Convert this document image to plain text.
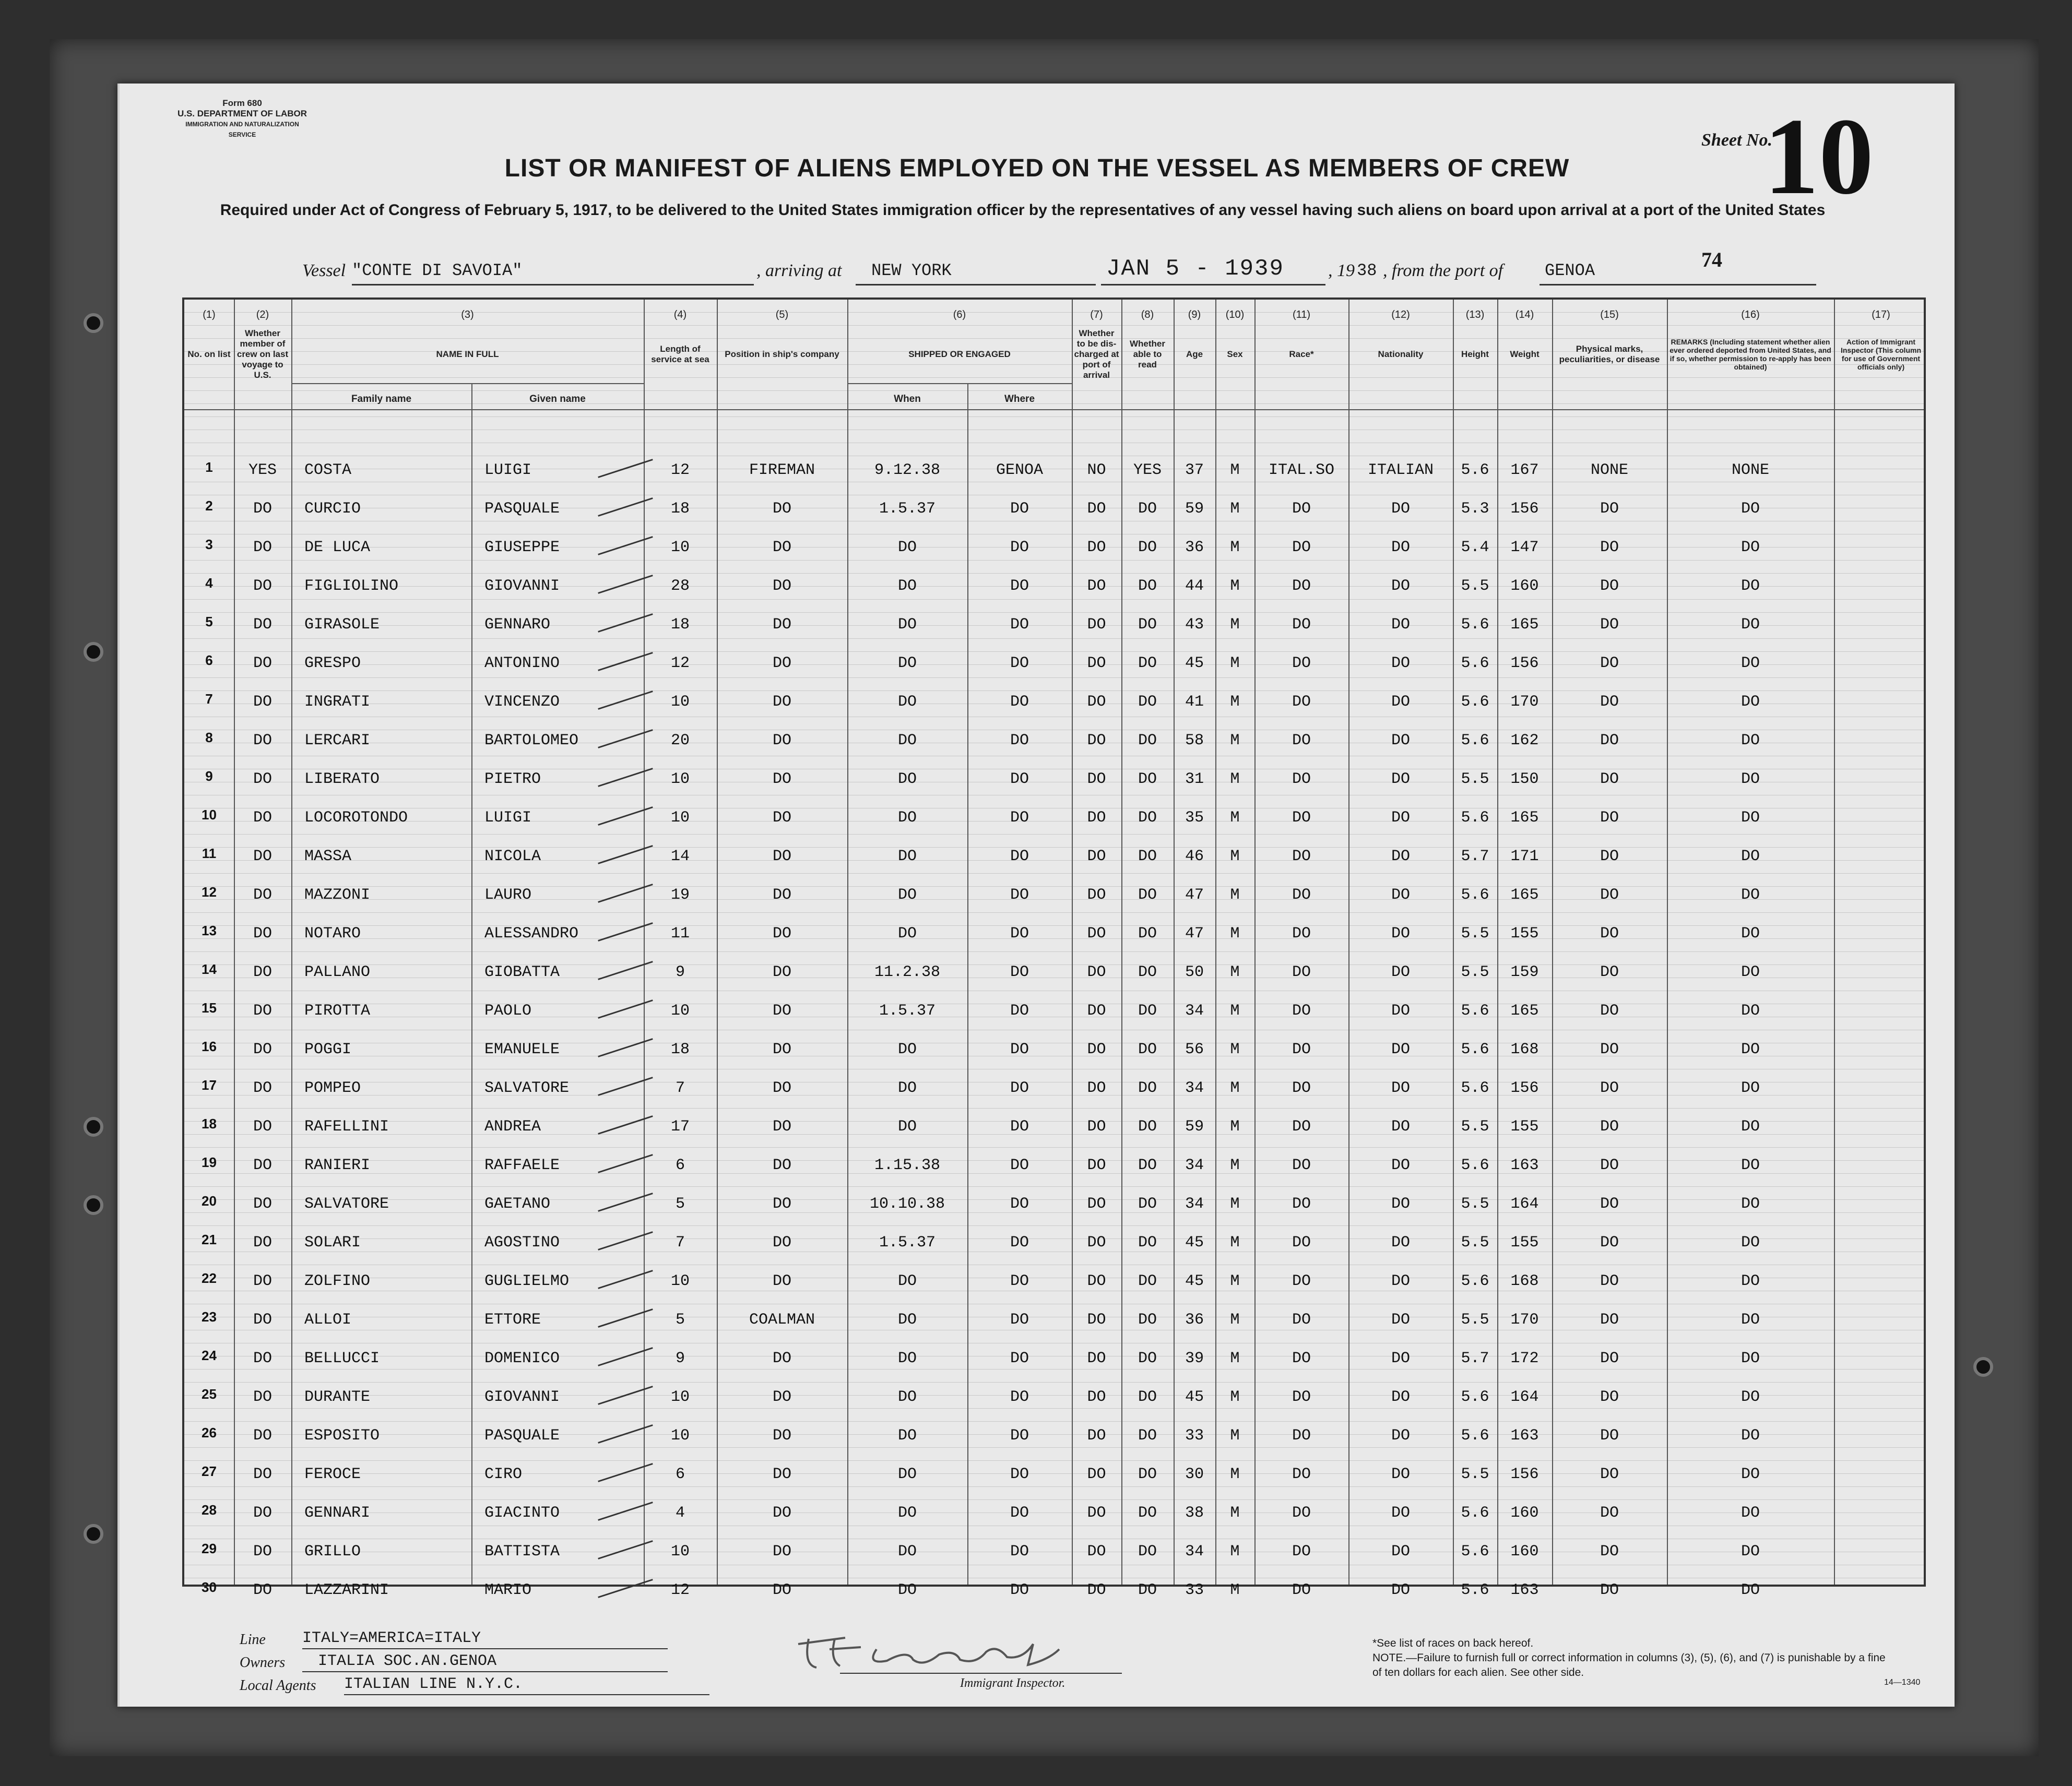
Form 680
U.S. DEPARTMENT OF LABOR
IMMIGRATION AND NATURALIZATION SERVICE	Sheet No.
10
LIST OR MANIFEST OF ALIENS EMPLOYED ON THE VESSEL AS MEMBERS OF CREW
Required under Act of Congress of February 5, 1917, to be delivered to the United States immigration officer by the representatives of any vessel having such aliens on board upon arrival at a port of the United States
Vessel "CONTE DI SAVOIA"	, arriving at NEW YORK	JAN 5 - 1939 , 19 38 , from the port of GENOA	74
(1)
No. on list
(2)
Whether member of crew on last voyage to U.S.
(3)
NAME IN FULL
(4)
Length of service at sea
(5)
Position in ship's company
(6)
SHIPPED OR ENGAGED
(7)
Whether to be dis-charged at port of arrival
(8)
Whether able to read
(9)
Age
(10)
Sex
(11)
Race*
(12)
Nationality
(13)
Height
(14)
Weight
(15)
Physical marks, peculiarities, or disease
(16)
REMARKS (Including statement whether alien ever ordered deported from United States, and if so, whether permission to re-apply has been obtained)
(17)
Action of Immigrant Inspector (This column for use of Government officials only)
Family name	Given name	When	Where
1	YES	COSTA	LUIGI	12	FIREMAN	9.12.38	GENOA	NO	YES	37	M	ITAL.SO	ITALIAN	5.6	167	NONE	NONE
2	DO	CURCIO	PASQUALE	18	DO	1.5.37	DO	DO	DO	59	M	DO	DO	5.3	156	DO	DO
3	DO	DE LUCA	GIUSEPPE	10	DO	DO	DO	DO	DO	36	M	DO	DO	5.4	147	DO	DO
4	DO	FIGLIOLINO	GIOVANNI	28	DO	DO	DO	DO	DO	44	M	DO	DO	5.5	160	DO	DO
5	DO	GIRASOLE	GENNARO	18	DO	DO	DO	DO	DO	43	M	DO	DO	5.6	165	DO	DO
6	DO	GRESPO	ANTONINO	12	DO	DO	DO	DO	DO	45	M	DO	DO	5.6	156	DO	DO
7	DO	INGRATI	VINCENZO	10	DO	DO	DO	DO	DO	41	M	DO	DO	5.6	170	DO	DO
8	DO	LERCARI	BARTOLOMEO	20	DO	DO	DO	DO	DO	58	M	DO	DO	5.6	162	DO	DO
9	DO	LIBERATO	PIETRO	10	DO	DO	DO	DO	DO	31	M	DO	DO	5.5	150	DO	DO
10	DO	LOCOROTONDO	LUIGI	10	DO	DO	DO	DO	DO	35	M	DO	DO	5.6	165	DO	DO
11	DO	MASSA	NICOLA	14	DO	DO	DO	DO	DO	46	M	DO	DO	5.7	171	DO	DO
12	DO	MAZZONI	LAURO	19	DO	DO	DO	DO	DO	47	M	DO	DO	5.6	165	DO	DO
13	DO	NOTARO	ALESSANDRO	11	DO	DO	DO	DO	DO	47	M	DO	DO	5.5	155	DO	DO
14	DO	PALLANO	GIOBATTA	9	DO	11.2.38	DO	DO	DO	50	M	DO	DO	5.5	159	DO	DO
15	DO	PIROTTA	PAOLO	10	DO	1.5.37	DO	DO	DO	34	M	DO	DO	5.6	165	DO	DO
16	DO	POGGI	EMANUELE	18	DO	DO	DO	DO	DO	56	M	DO	DO	5.6	168	DO	DO
17	DO	POMPEO	SALVATORE	7	DO	DO	DO	DO	DO	34	M	DO	DO	5.6	156	DO	DO
18	DO	RAFELLINI	ANDREA	17	DO	DO	DO	DO	DO	59	M	DO	DO	5.5	155	DO	DO
19	DO	RANIERI	RAFFAELE	6	DO	1.15.38	DO	DO	DO	34	M	DO	DO	5.6	163	DO	DO
20	DO	SALVATORE	GAETANO	5	DO	10.10.38	DO	DO	DO	34	M	DO	DO	5.5	164	DO	DO
21	DO	SOLARI	AGOSTINO	7	DO	1.5.37	DO	DO	DO	45	M	DO	DO	5.5	155	DO	DO
22	DO	ZOLFINO	GUGLIELMO	10	DO	DO	DO	DO	DO	45	M	DO	DO	5.6	168	DO	DO
23	DO	ALLOI	ETTORE	5	COALMAN	DO	DO	DO	DO	36	M	DO	DO	5.5	170	DO	DO
24	DO	BELLUCCI	DOMENICO	9	DO	DO	DO	DO	DO	39	M	DO	DO	5.7	172	DO	DO
25	DO	DURANTE	GIOVANNI	10	DO	DO	DO	DO	DO	45	M	DO	DO	5.6	164	DO	DO
26	DO	ESPOSITO	PASQUALE	10	DO	DO	DO	DO	DO	33	M	DO	DO	5.6	163	DO	DO
27	DO	FEROCE	CIRO	6	DO	DO	DO	DO	DO	30	M	DO	DO	5.5	156	DO	DO
28	DO	GENNARI	GIACINTO	4	DO	DO	DO	DO	DO	38	M	DO	DO	5.6	160	DO	DO
29	DO	GRILLO	BATTISTA	10	DO	DO	DO	DO	DO	34	M	DO	DO	5.6	160	DO	DO
30	DO	LAZZARINI	MARIO	12	DO	DO	DO	DO	DO	33	M	DO	DO	5.6	163	DO	DO
Line ITALY=AMERICA=ITALY
Owners ITALIA SOC.AN.GENOA
Local Agents ITALIAN LINE N.Y.C.	Immigrant Inspector.
*See list of races on back hereof.
NOTE.—Failure to furnish full or correct information in columns (3), (5), (6), and (7) is punishable by a fine of ten dollars for each alien. See other side.
14—1340
